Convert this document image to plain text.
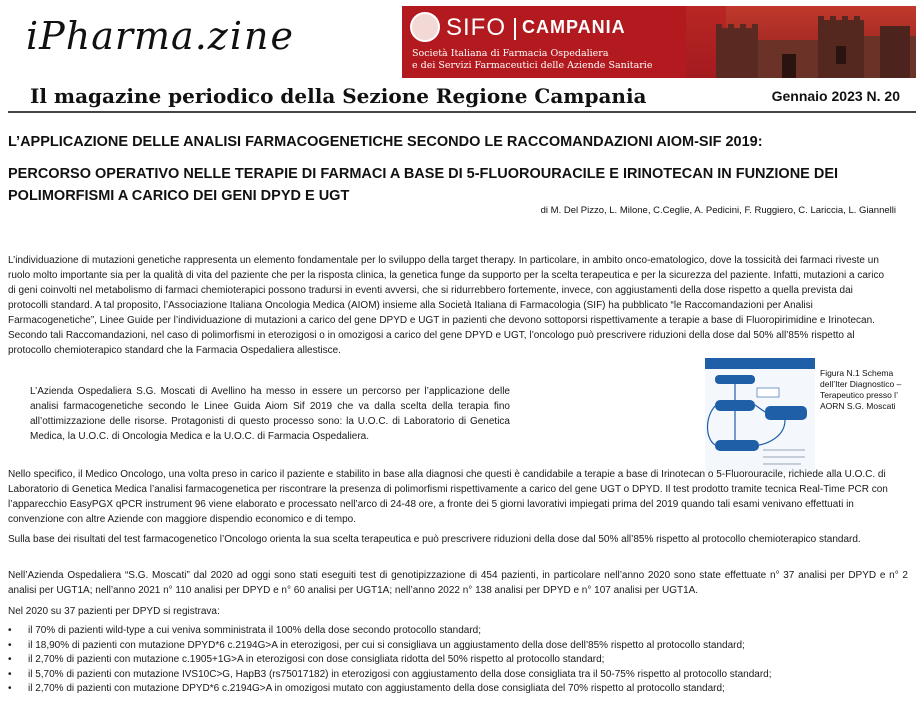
iPharma.zine	SIFO CAMPANIA
Società Italiana di Farmacia Ospedaliera
e dei Servizi Farmaceutici delle Aziende Sanitarie
Il magazine periodico della Sezione Regione Campania	Gennaio 2023 N. 20
L’APPLICAZIONE DELLE ANALISI FARMACOGENETICHE SECONDO LE RACCOMANDAZIONI AIOM-SIF 2019:
PERCORSO OPERATIVO NELLE TERAPIE DI FARMACI A BASE DI 5-FLUOROURACILE E IRINOTECAN IN FUNZIONE DEI POLIMORFISMI A CARICO DEI GENI DPYD E UGT
di M. Del Pizzo, L. Milone, C.Ceglie, A. Pedicini, F. Ruggiero, C. Lariccia, L. Giannelli

L’individuazione di mutazioni genetiche rappresenta un elemento fondamentale per lo sviluppo della target therapy. In particolare, in ambito onco-ematologico, dove la tossicità dei farmaci riveste un ruolo molto importante sia per la qualità di vita del paziente che per la risposta clinica, la genetica funge da supporto per la scelta terapeutica e per la sicurezza del paziente. Infatti, mutazioni a carico di geni coinvolti nel metabolismo di farmaci chemioterapici possono tradursi in eventi avversi, che si ridurrebbero fortemente, invece, con aggiustamenti della dose rispetto a quella prevista dai protocolli standard. A tal proposito, l’Associazione Italiana Oncologia Medica (AIOM) insieme alla Società Italiana di Farmacologia (SIF) ha pubblicato “le Raccomandazioni per Analisi Farmacogenetiche”, Linee Guide per l’individuazione di mutazioni a carico del gene DPYD e UGT in pazienti che devono sottoporsi rispettivamente a terapie a base di Fluoropirimidine e Irinotecan. Secondo tali Raccomandazioni, nel caso di polimorfismi in eterozigosi o in omozigosi a carico del gene DPYD e UGT, l’oncologo può prescrivere riduzioni della dose dal 50% all’85% rispetto al protocollo chemioterapico standard che la Farmacia Ospedaliera allestisce.

L’Azienda Ospedaliera S.G. Moscati di Avellino ha messo in essere un percorso per l’applicazione delle analisi farmacogenetiche secondo le Linee Guida Aiom Sif 2019 che va dalla scelta della terapia fino all’ottimizzazione delle risorse. Protagonisti di questo processo sono: la U.O.C. di Laboratorio di Genetica Medica, la U.O.C. di Oncologia Medica e la U.O.C. di Farmacia Ospedaliera.

Figura N.1 Schema dell’Iter Diagnostico – Terapeutico presso l’ AORN S.G. Moscati

Nello specifico, il Medico Oncologo, una volta preso in carico il paziente e stabilito in base alla diagnosi che questi è candidabile a terapie a base di Irinotecan o 5-Fluorouracile, richiede alla U.O.C. di Laboratorio di Genetica Medica l’analisi farmacogenetica per riscontrare la presenza di polimorfismi rispettivamente a carico del gene UGT o DPYD. Il test prodotto tramite tecnica Real-Time PCR con l’apparecchio EasyPGX qPCR instrument 96 viene elaborato e processato nell’arco di 24-48 ore, a fronte dei 5 giorni lavorativi impiegati prima del 2019 quando tali esami venivano effettuati in convenzione con altre Aziende con maggiore dispendio economico e di tempo.

Sulla base dei risultati del test farmacogenetico l’Oncologo orienta la sua scelta terapeutica e può prescrivere riduzioni della dose dal 50% all’85% rispetto al protocollo chemioterapico standard.

Nell’Azienda Ospedaliera “S.G. Moscati” dal 2020 ad oggi sono stati eseguiti test di genotipizzazione di 454 pazienti, in particolare nell’anno 2020 sono state effettuate n° 37 analisi per DPYD e n° 2 analisi per UGT1A; nell’anno 2021 n° 110 analisi per DPYD e n° 60 analisi per UGT1A; nell’anno 2022 n° 138 analisi per DPYD e n° 107 analisi per UGT1A.

Nel 2020 su 37 pazienti per DPYD si registrava:

• il 70% di pazienti wild-type a cui veniva somministrata il 100% della dose secondo protocollo standard;
• il 18,90% di pazienti con mutazione DPYD*6 c.2194G>A in eterozigosi, per cui si consigliava un aggiustamento della dose dell’85% rispetto al protocollo standard;
• il 2,70% di pazienti con mutazione c.1905+1G>A in eterozigosi con dose consigliata ridotta del 50% rispetto al protocollo standard;
• il 5,70% di pazienti con mutazione IVS10C>G, HapB3 (rs75017182) in eterozigosi con aggiustamento della dose consigliata tra il 50-75% rispetto al protocollo standard;
• il 2,70% di pazienti con mutazione DPYD*6 c.2194G>A in omozigosi mutato con aggiustamento della dose consigliata del 70% rispetto al protocollo standard;
